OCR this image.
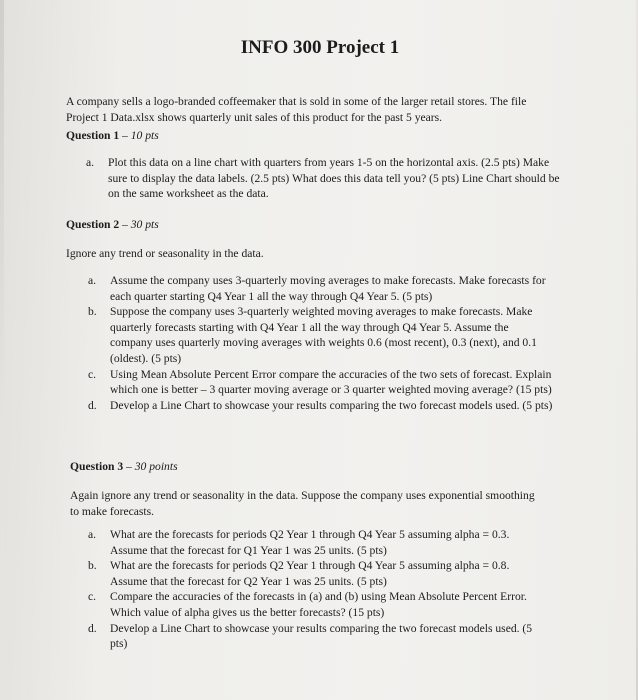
INFO 300 Project 1
A company sells a logo-branded coffeemaker that is sold in some of the larger retail stores. The file Project 1 Data.xlsx shows quarterly unit sales of this product for the past 5 years.
Question 1 – 10 pts
a. Plot this data on a line chart with quarters from years 1-5 on the horizontal axis. (2.5 pts) Make sure to display the data labels. (2.5 pts) What does this data tell you? (5 pts) Line Chart should be on the same worksheet as the data.
Question 2 – 30 pts
Ignore any trend or seasonality in the data.
a. Assume the company uses 3-quarterly moving averages to make forecasts. Make forecasts for each quarter starting Q4 Year 1 all the way through Q4 Year 5. (5 pts)
b. Suppose the company uses 3-quarterly weighted moving averages to make forecasts. Make quarterly forecasts starting with Q4 Year 1 all the way through Q4 Year 5. Assume the company uses quarterly moving averages with weights 0.6 (most recent), 0.3 (next), and 0.1 (oldest). (5 pts)
c. Using Mean Absolute Percent Error compare the accuracies of the two sets of forecast. Explain which one is better – 3 quarter moving average or 3 quarter weighted moving average? (15 pts)
d. Develop a Line Chart to showcase your results comparing the two forecast models used. (5 pts)
Question 3 – 30 points
Again ignore any trend or seasonality in the data. Suppose the company uses exponential smoothing to make forecasts.
a. What are the forecasts for periods Q2 Year 1 through Q4 Year 5 assuming alpha = 0.3. Assume that the forecast for Q1 Year 1 was 25 units. (5 pts)
b. What are the forecasts for periods Q2 Year 1 through Q4 Year 5 assuming alpha = 0.8. Assume that the forecast for Q2 Year 1 was 25 units. (5 pts)
c. Compare the accuracies of the forecasts in (a) and (b) using Mean Absolute Percent Error. Which value of alpha gives us the better forecasts? (15 pts)
d. Develop a Line Chart to showcase your results comparing the two forecast models used. (5 pts)
